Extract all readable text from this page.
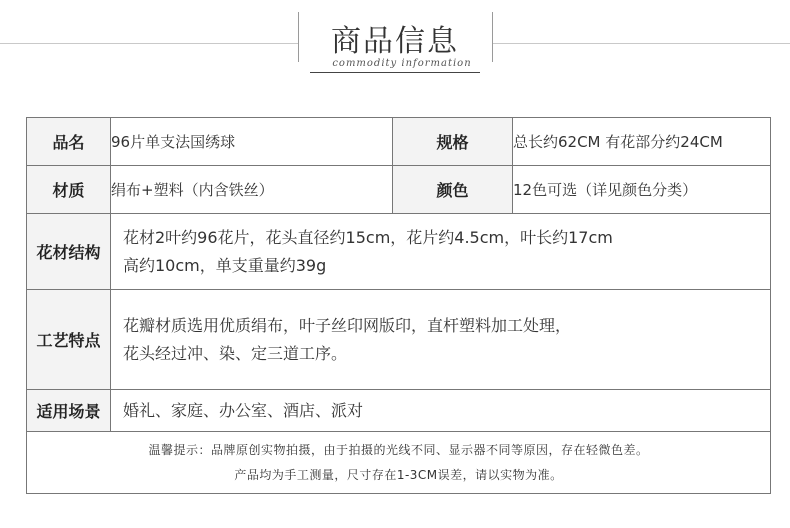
商品信息
commodity information
品名	96片单支法国绣球	规格	总长约62CM 有花部分约24CM
材质	绢布+塑料（内含铁丝）	颜色	12色可选（详见颜色分类）
花材结构	花材2叶约96花片，花头直径约15cm，花片约4.5cm，叶长约17cm
高约10cm，单支重量约39g		

工艺特点	花瓣材质选用优质绢布，叶子丝印网版印，直杆塑料加工处理，
花头经过冲、染、定三道工序。		

适用场景	婚礼、家庭、办公室、酒店、派对		

温馨提示：品牌原创实物拍摄，由于拍摄的光线不同、显示器不同等原因，存在轻微色差。
产品均为手工测量，尺寸存在1-3CM误差，请以实物为准。			
